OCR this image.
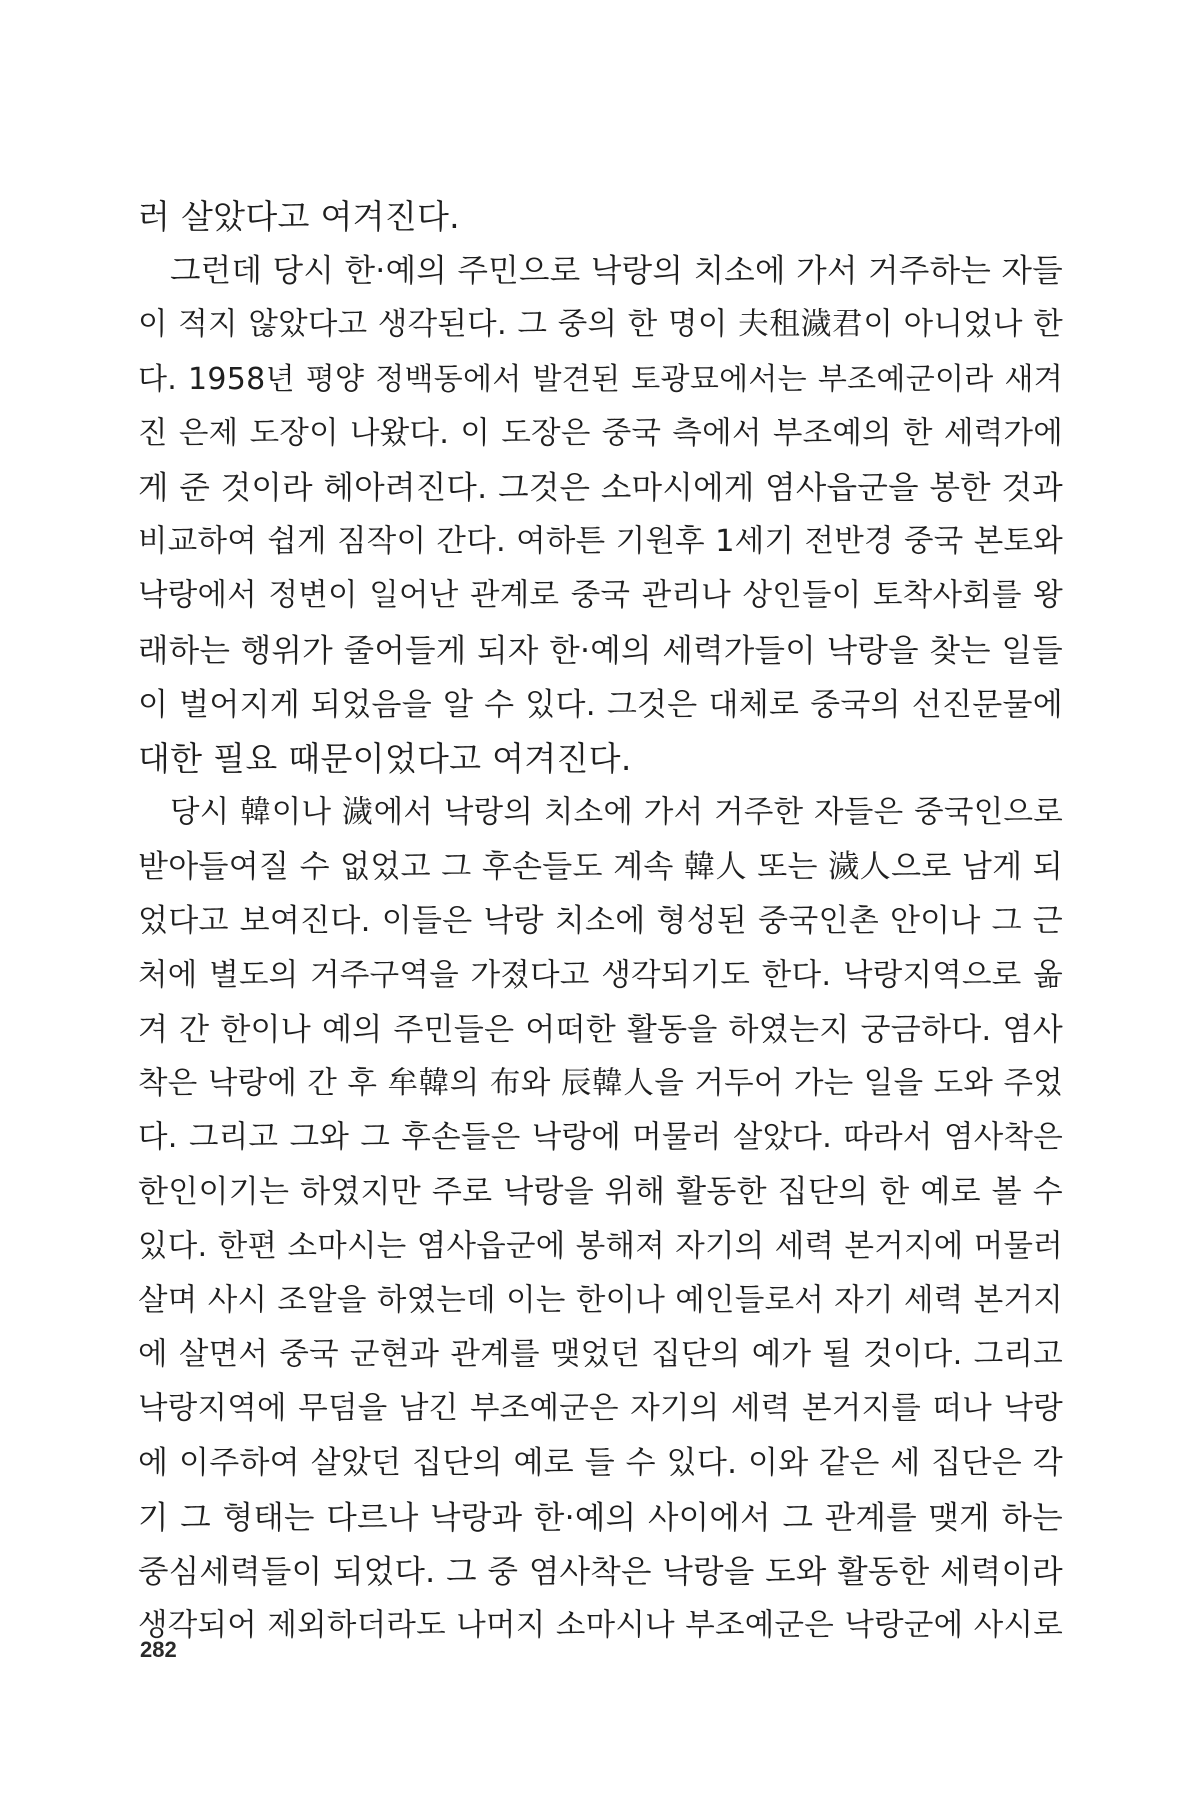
러 살았다고 여겨진다.
그런데 당시 한·예의 주민으로 낙랑의 치소에 가서 거주하는 자들
이 적지 않았다고 생각된다. 그 중의 한 명이 夫租濊君이 아니었나 한
다. 1958년 평양 정백동에서 발견된 토광묘에서는 부조예군이라 새겨
진 은제 도장이 나왔다. 이 도장은 중국 측에서 부조예의 한 세력가에
게 준 것이라 헤아려진다. 그것은 소마시에게 염사읍군을 봉한 것과
비교하여 쉽게 짐작이 간다. 여하튼 기원후 1세기 전반경 중국 본토와
낙랑에서 정변이 일어난 관계로 중국 관리나 상인들이 토착사회를 왕
래하는 행위가 줄어들게 되자 한·예의 세력가들이 낙랑을 찾는 일들
이 벌어지게 되었음을 알 수 있다. 그것은 대체로 중국의 선진문물에
대한 필요 때문이었다고 여겨진다.
당시 韓이나 濊에서 낙랑의 치소에 가서 거주한 자들은 중국인으로
받아들여질 수 없었고 그 후손들도 계속 韓人 또는 濊人으로 남게 되
었다고 보여진다. 이들은 낙랑 치소에 형성된 중국인촌 안이나 그 근
처에 별도의 거주구역을 가졌다고 생각되기도 한다. 낙랑지역으로 옮
겨 간 한이나 예의 주민들은 어떠한 활동을 하였는지 궁금하다. 염사
착은 낙랑에 간 후 牟韓의 布와 辰韓人을 거두어 가는 일을 도와 주었
다. 그리고 그와 그 후손들은 낙랑에 머물러 살았다. 따라서 염사착은
한인이기는 하였지만 주로 낙랑을 위해 활동한 집단의 한 예로 볼 수
있다. 한편 소마시는 염사읍군에 봉해져 자기의 세력 본거지에 머물러
살며 사시 조알을 하였는데 이는 한이나 예인들로서 자기 세력 본거지
에 살면서 중국 군현과 관계를 맺었던 집단의 예가 될 것이다. 그리고
낙랑지역에 무덤을 남긴 부조예군은 자기의 세력 본거지를 떠나 낙랑
에 이주하여 살았던 집단의 예로 들 수 있다. 이와 같은 세 집단은 각
기 그 형태는 다르나 낙랑과 한·예의 사이에서 그 관계를 맺게 하는
중심세력들이 되었다. 그 중 염사착은 낙랑을 도와 활동한 세력이라
생각되어 제외하더라도 나머지 소마시나 부조예군은 낙랑군에 사시로
282
